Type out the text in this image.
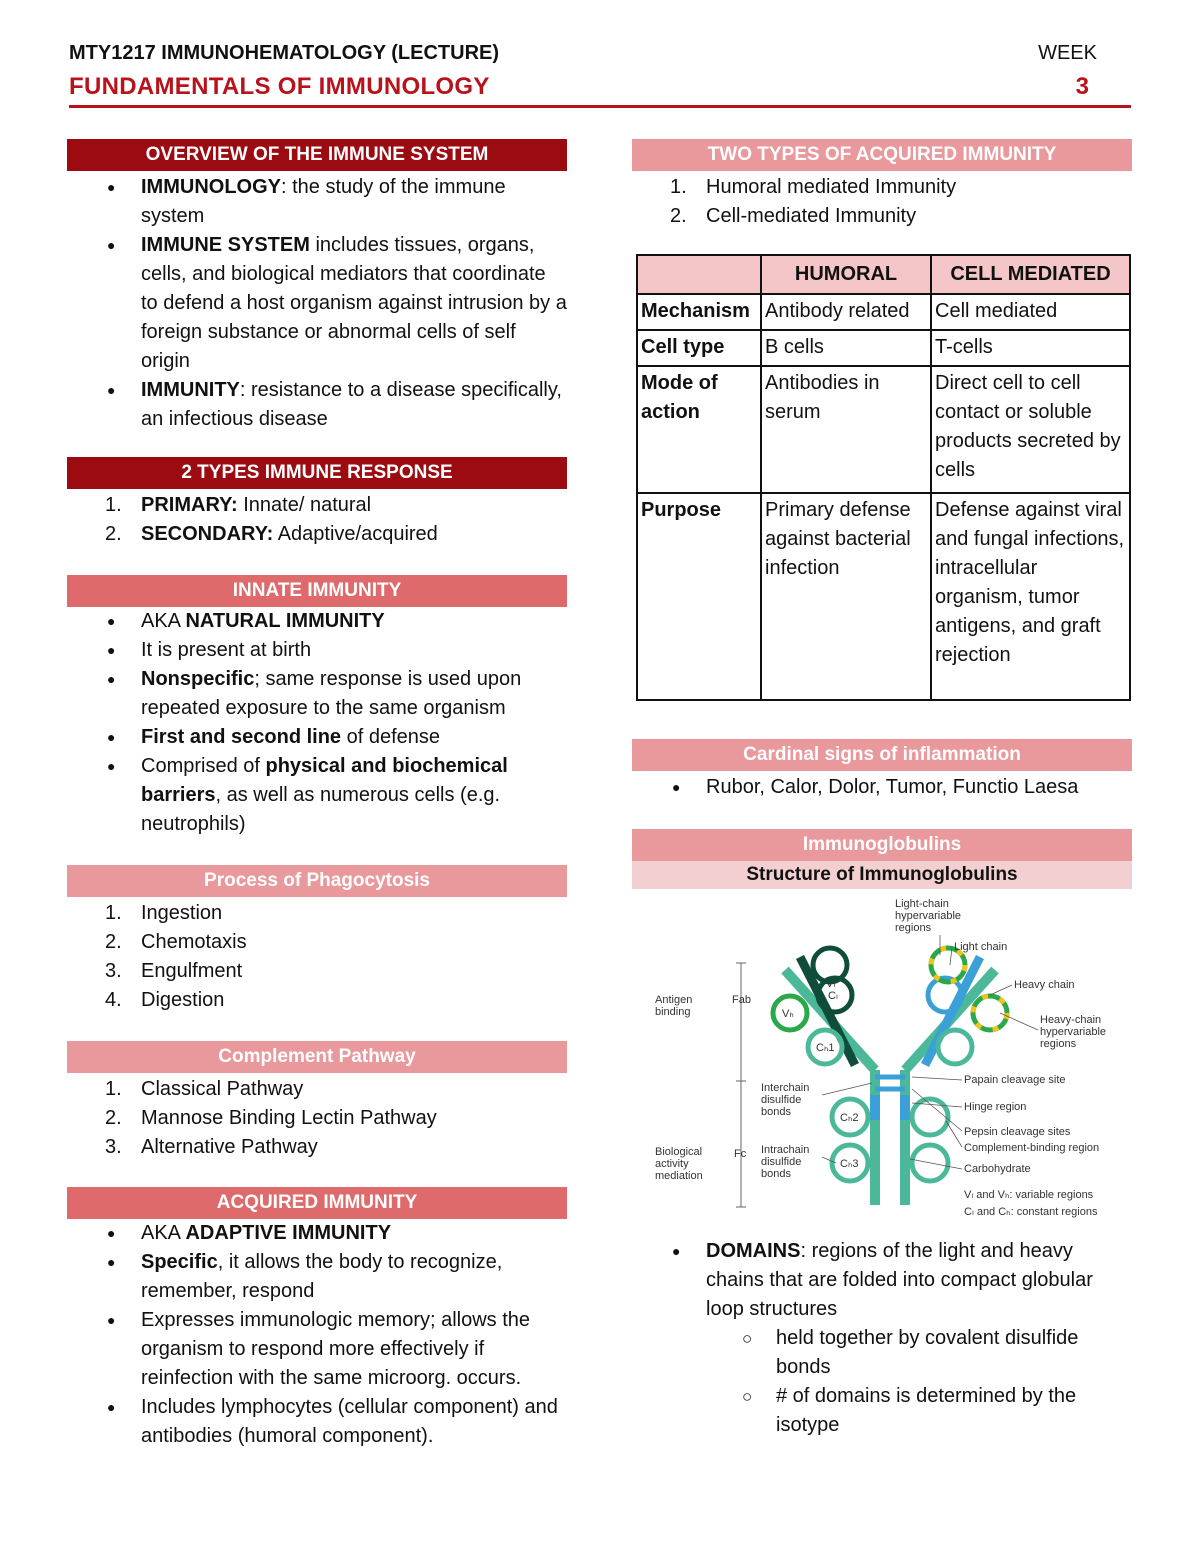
MTY1217 IMMUNOHEMATOLOGY (LECTURE)	WEEK
FUNDAMENTALS OF IMMUNOLOGY	3
OVERVIEW OF THE IMMUNE SYSTEM
● IMMUNOLOGY: the study of the immune system
● IMMUNE SYSTEM includes tissues, organs, cells, and biological mediators that coordinate to defend a host organism against intrusion by a foreign substance or abnormal cells of self origin
● IMMUNITY: resistance to a disease specifically, an infectious disease
2 TYPES IMMUNE RESPONSE
1. PRIMARY: Innate/ natural
2. SECONDARY: Adaptive/acquired
INNATE IMMUNITY
● AKA NATURAL IMMUNITY
● It is present at birth
● Nonspecific; same response is used upon repeated exposure to the same organism
● First and second line of defense
● Comprised of physical and biochemical barriers, as well as numerous cells (e.g. neutrophils)
Process of Phagocytosis
1. Ingestion
2. Chemotaxis
3. Engulfment
4. Digestion
Complement Pathway
1. Classical Pathway
2. Mannose Binding Lectin Pathway
3. Alternative Pathway
ACQUIRED IMMUNITY
● AKA ADAPTIVE IMMUNITY
● Specific, it allows the body to recognize, remember, respond
● Expresses immunologic memory; allows the organism to respond more effectively if reinfection with the same microorg. occurs.
● Includes lymphocytes (cellular component) and antibodies (humoral component).
TWO TYPES OF ACQUIRED IMMUNITY
1. Humoral mediated Immunity
2. Cell-mediated Immunity
Cardinal signs of inflammation
● Rubor, Calor, Dolor, Tumor, Functio Laesa
Immunoglobulins
Structure of Immunoglobulins
● DOMAINS: regions of the light and heavy chains that are folded into compact globular loop structures
○ held together by covalent disulfide bonds
○ # of domains is determined by the isotype
	HUMORAL	CELL MEDIATED
Mechanism	Antibody related	Cell mediated
Cell type	B cells	T-cells
Mode of action	Antibodies in serum	Direct cell to cell contact or soluble products secreted by cells
Purpose	Primary defense against bacterial infection	Defense against viral and fungal infections, intracellular organism, tumor antigens, and graft rejection
Vₗ
Vₕ
Cₗ
Cₕ1
Cₕ2
Cₕ3
Antigen binding
Fab
Fc
Biological activity mediation
Interchain disulfide bonds
Intrachain disulfide bonds
Light-chain hypervariable regions
Light chain
Heavy chain
Heavy-chain hypervariable regions
Papain cleavage site
Hinge region
Pepsin cleavage sites
Complement-binding region
Carbohydrate
Vₗ and Vₕ: variable regions
Cₗ and Cₕ: constant regions
